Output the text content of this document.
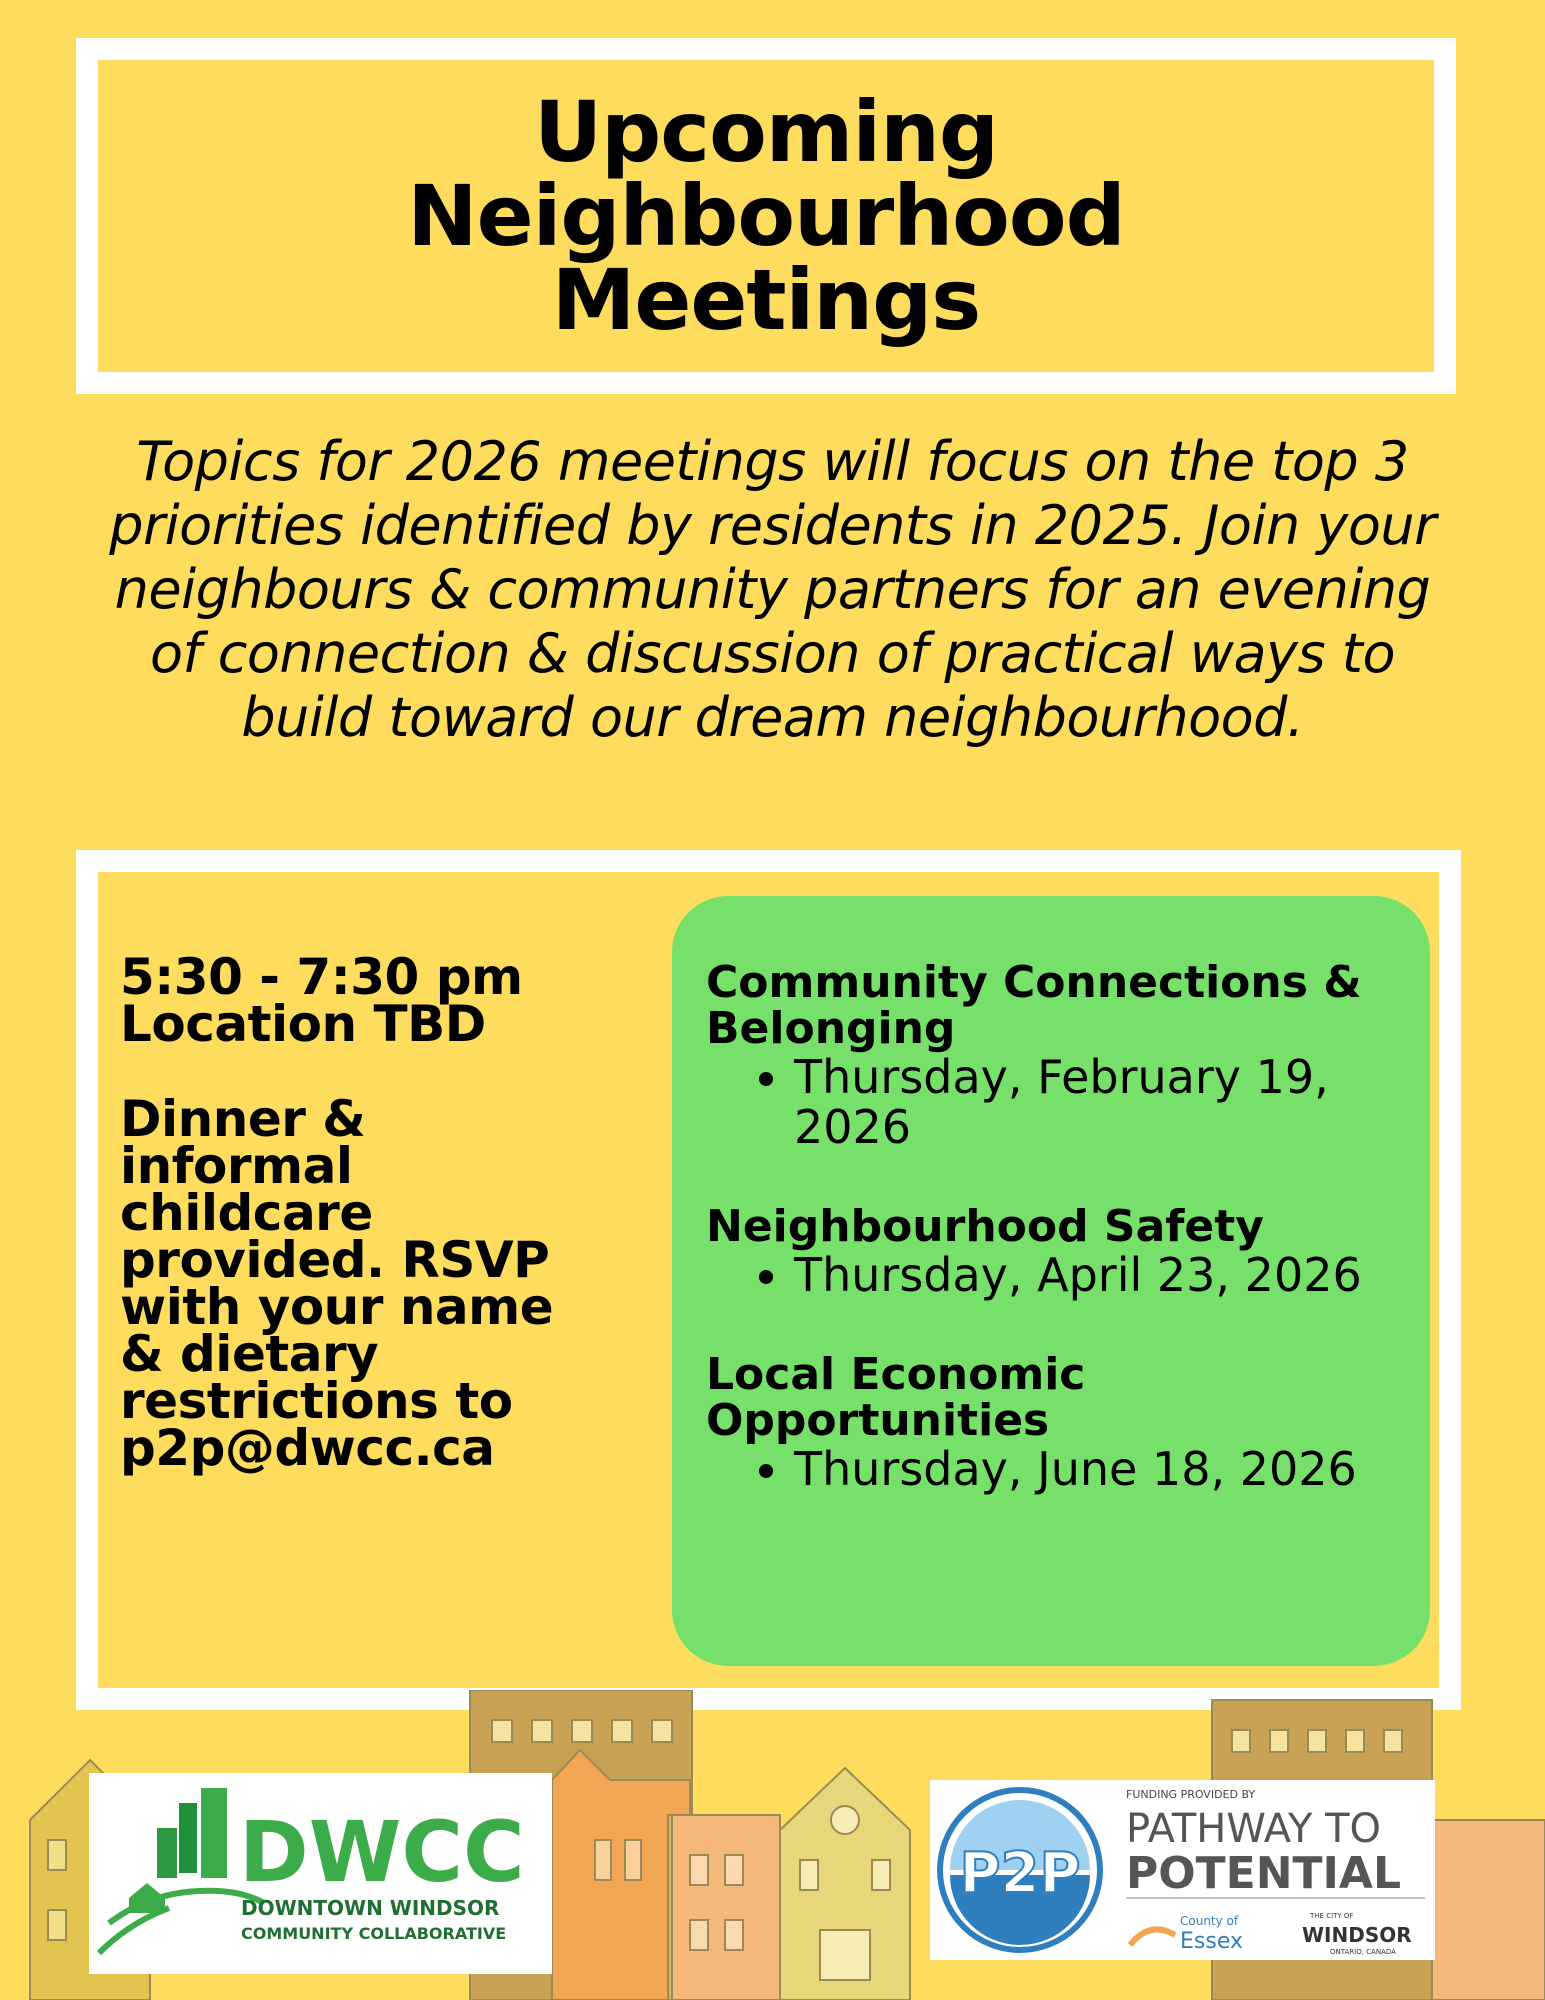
Upcoming
Neighbourhood
Meetings
Topics for 2026 meetings will focus on the top 3 priorities identified by residents in 2025. Join your neighbours & community partners for an evening of connection & discussion of practical ways to build toward our dream neighbourhood.

5:30 - 7:30 pm

Location TBD

Dinner & informal childcare provided. RSVP with your name & dietary restrictions to p2p@dwcc.ca

Community Connections & Belonging
• Thursday, February 19, 2026
Neighbourhood Safety
• Thursday, April 23, 2026
Local Economic Opportunities
• Thursday, June 18, 2026
DWCC
DOWNTOWN WINDSOR
COMMUNITY COLLABORATIVE
P2P
FUNDING PROVIDED BY
PATHWAY TO
POTENTIAL
County of
Essex
THE CITY OF
WINDSOR
ONTARIO, CANADA
